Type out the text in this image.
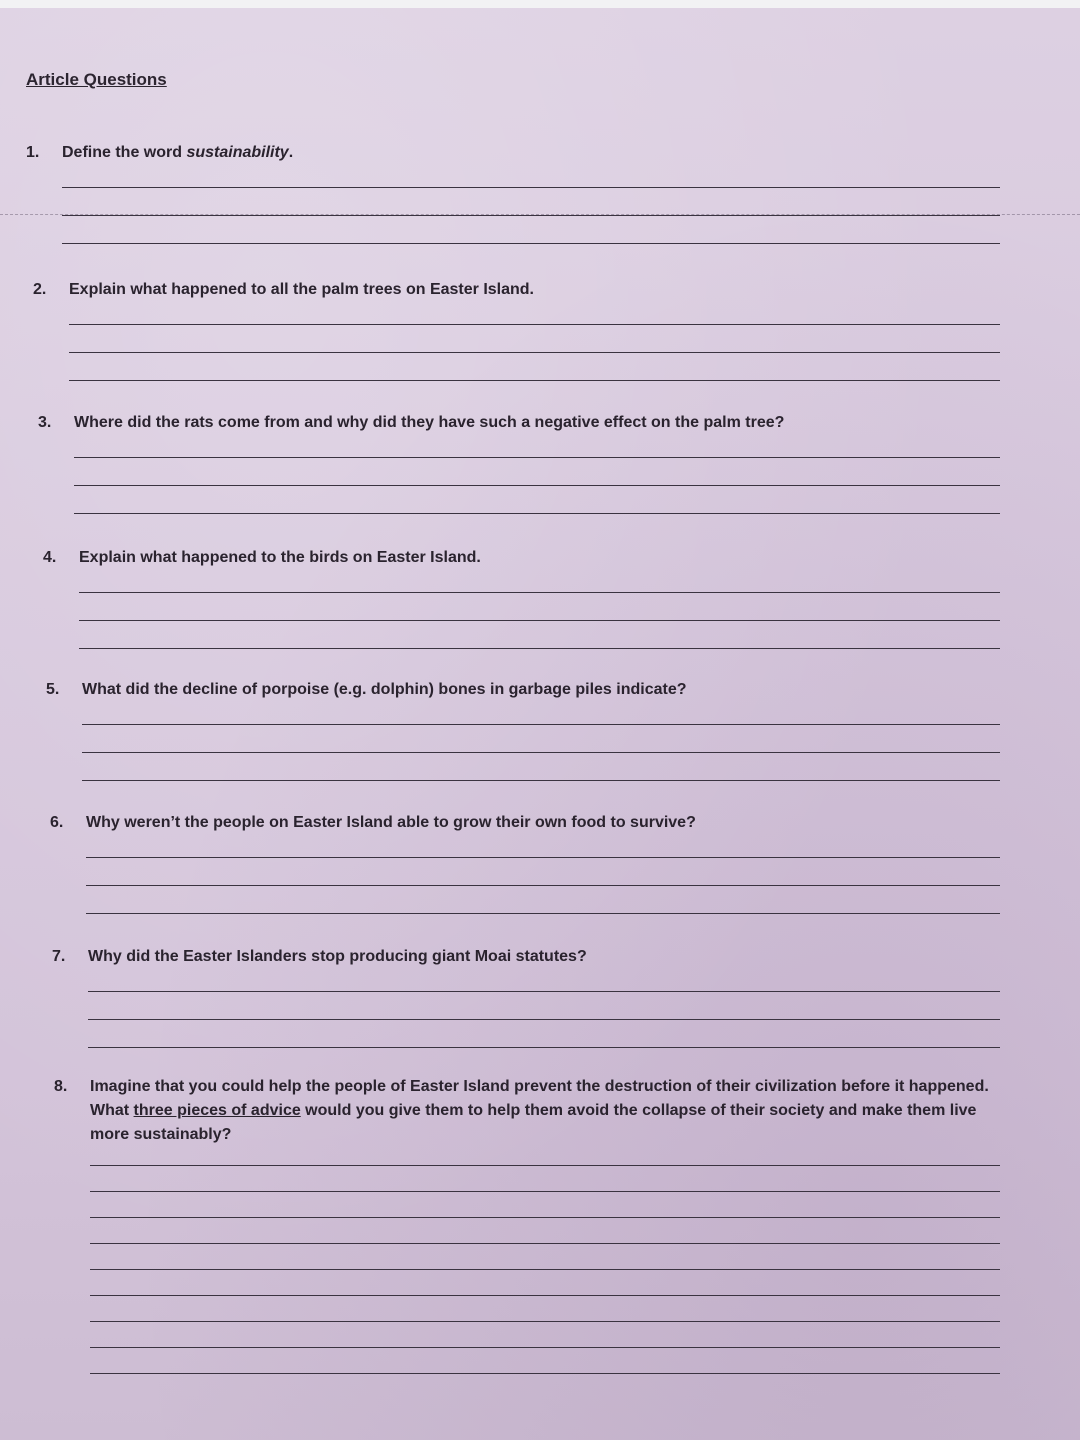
Article Questions
1.	Define the word sustainability.
2.	Explain what happened to all the palm trees on Easter Island.
3.	Where did the rats come from and why did they have such a negative effect on the palm tree?
4.	Explain what happened to the birds on Easter Island.
5.	What did the decline of porpoise (e.g. dolphin) bones in garbage piles indicate?
6.	Why weren’t the people on Easter Island able to grow their own food to survive?
7.	Why did the Easter Islanders stop producing giant Moai statutes?
8.	Imagine that you could help the people of Easter Island prevent the destruction of their civilization before it happened. What three pieces of advice would you give them to help them avoid the collapse of their society and make them live more sustainably?
